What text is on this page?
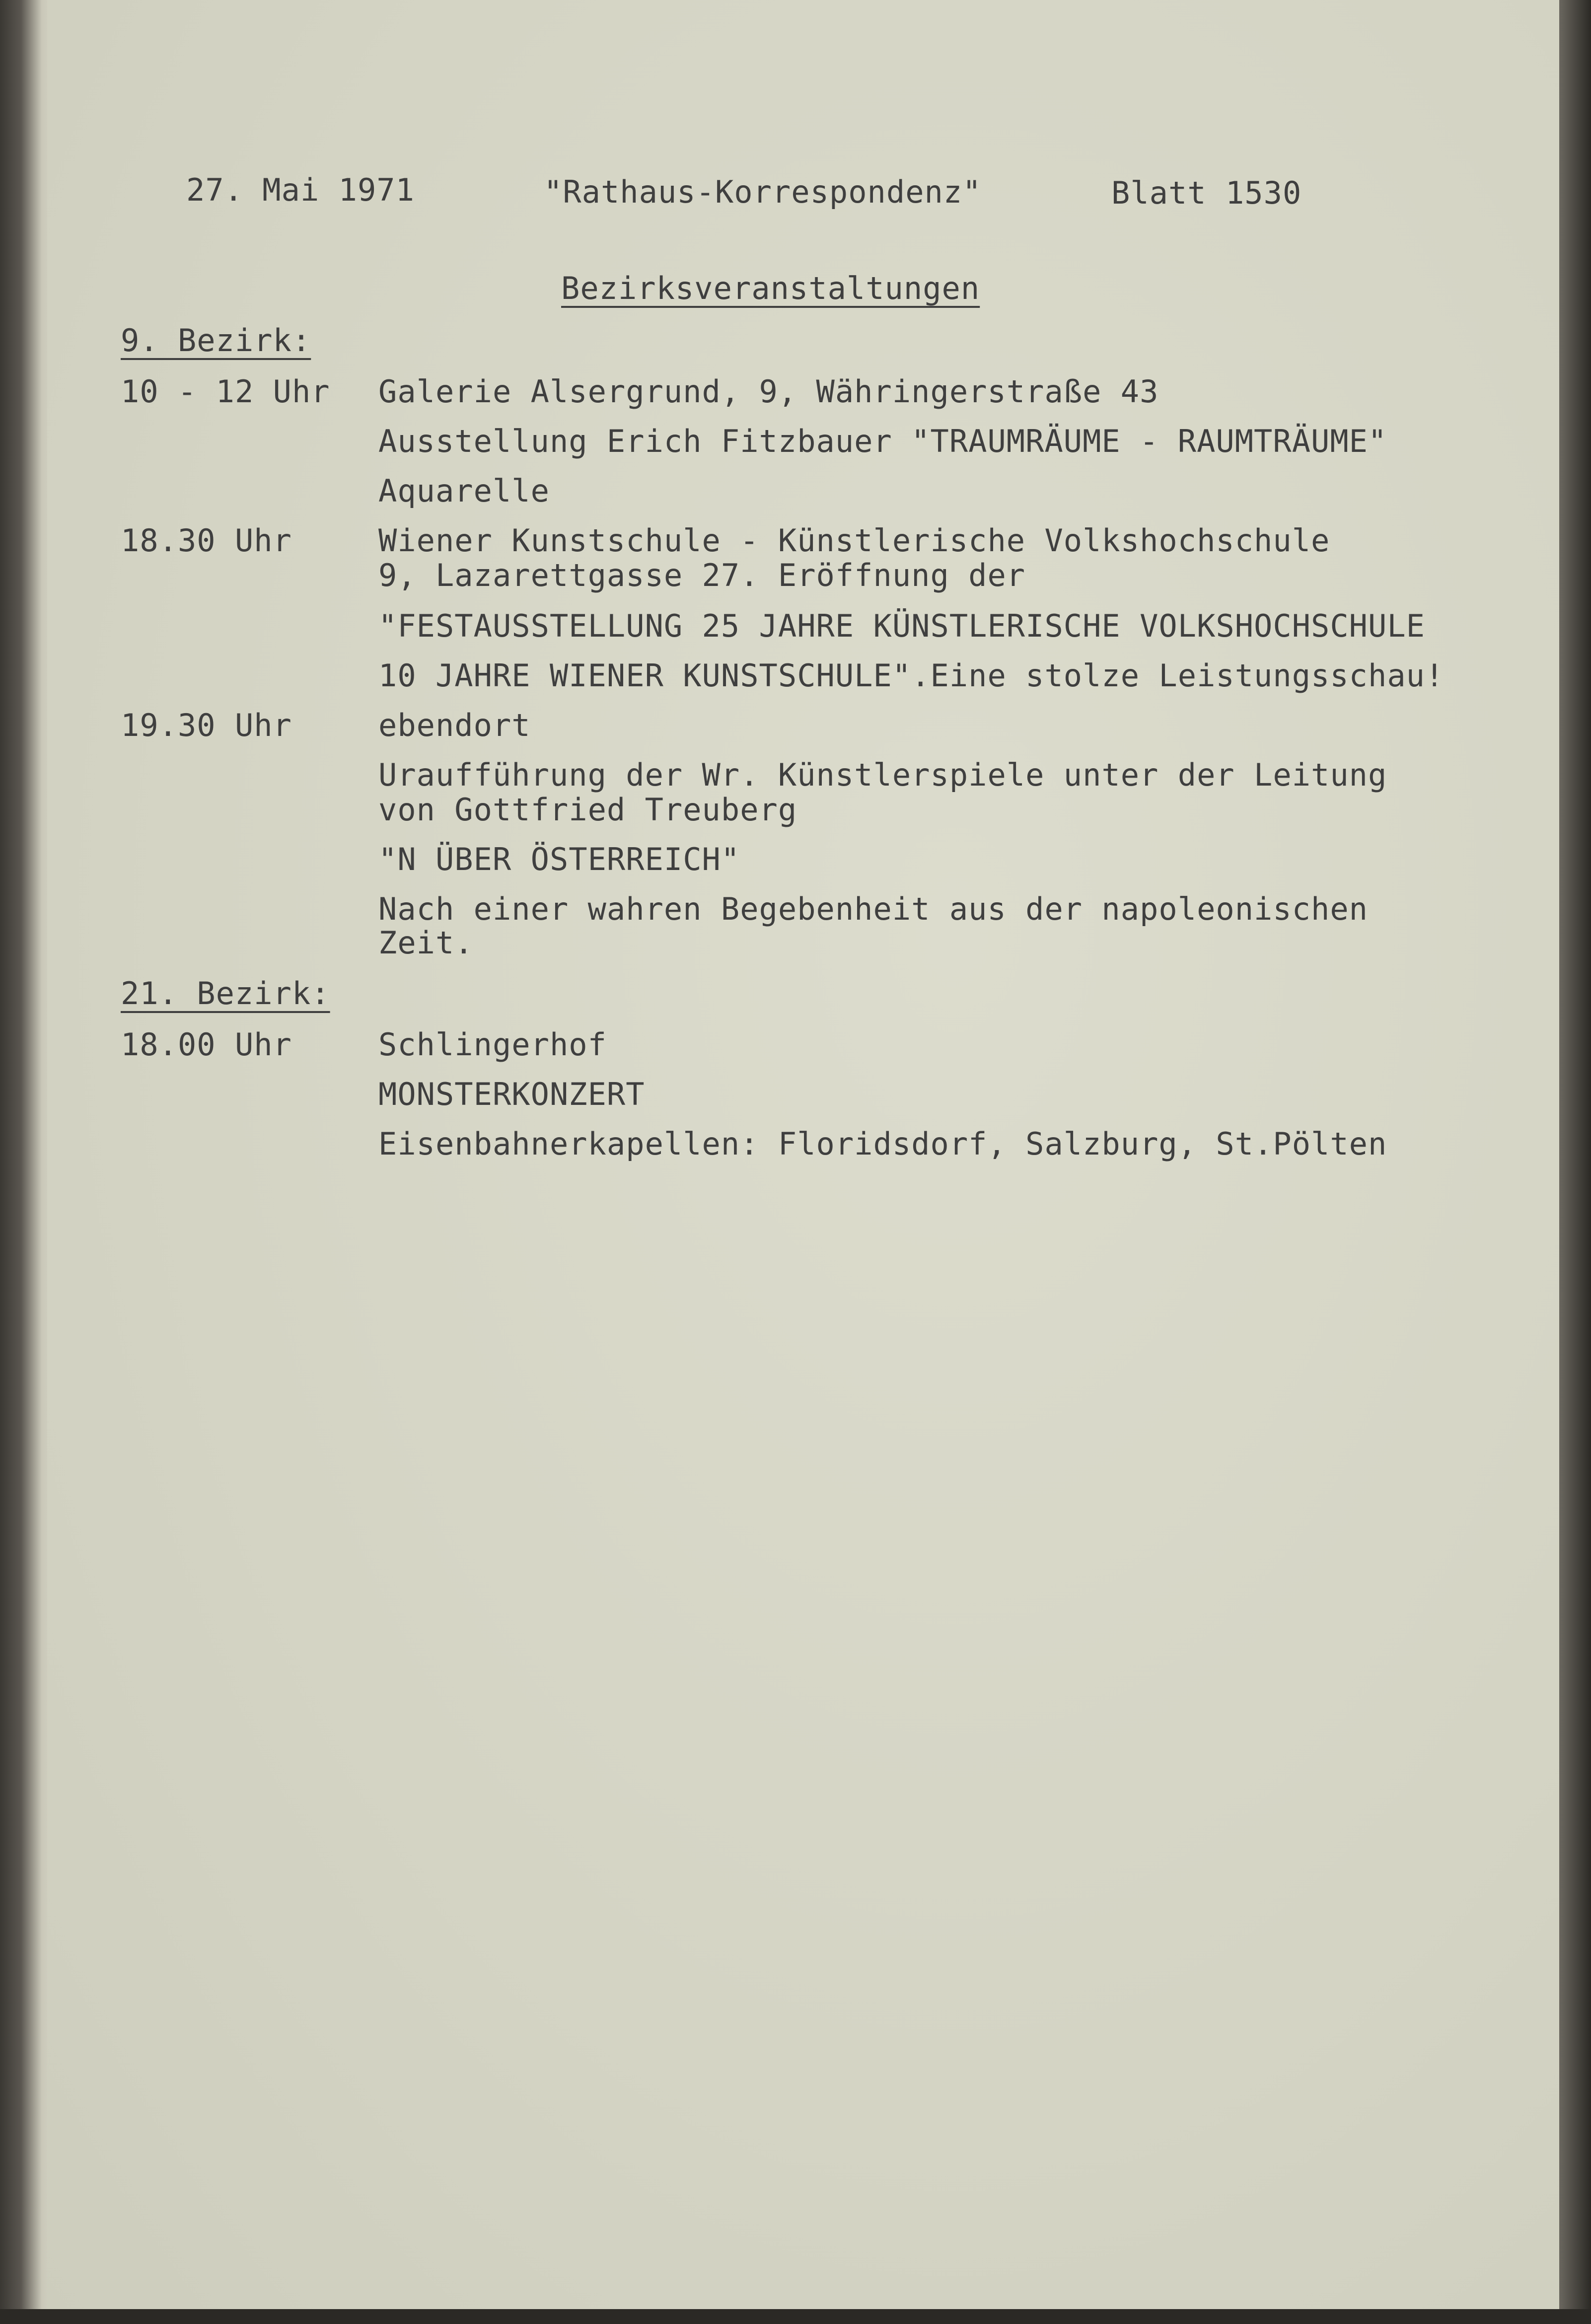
27. Mai 1971	"Rathaus-Korrespondenz"	Blatt 1530
Bezirksveranstaltungen
9. Bezirk:
10 - 12 Uhr Galerie Alsergrund, 9, Währingerstraße 43
Ausstellung Erich Fitzbauer "TRAUMRÄUME - RAUMTRÄUME"
Aquarelle
18.30 Uhr	Wiener Kunstschule - Künstlerische Volkshochschule
9, Lazarettgasse 27. Eröffnung der
"FESTAUSSTELLUNG 25 JAHRE KÜNSTLERISCHE VOLKSHOCHSCHULE
10 JAHRE WIENER KUNSTSCHULE".Eine stolze Leistungsschau!
19.30 Uhr	ebendort
Uraufführung der Wr. Künstlerspiele unter der Leitung
von Gottfried Treuberg
"N ÜBER ÖSTERREICH"
Nach einer wahren Begebenheit aus der napoleonischen
Zeit.
21. Bezirk:
18.00 Uhr	Schlingerhof
MONSTERKONZERT
Eisenbahnerkapellen: Floridsdorf, Salzburg, St.Pölten
